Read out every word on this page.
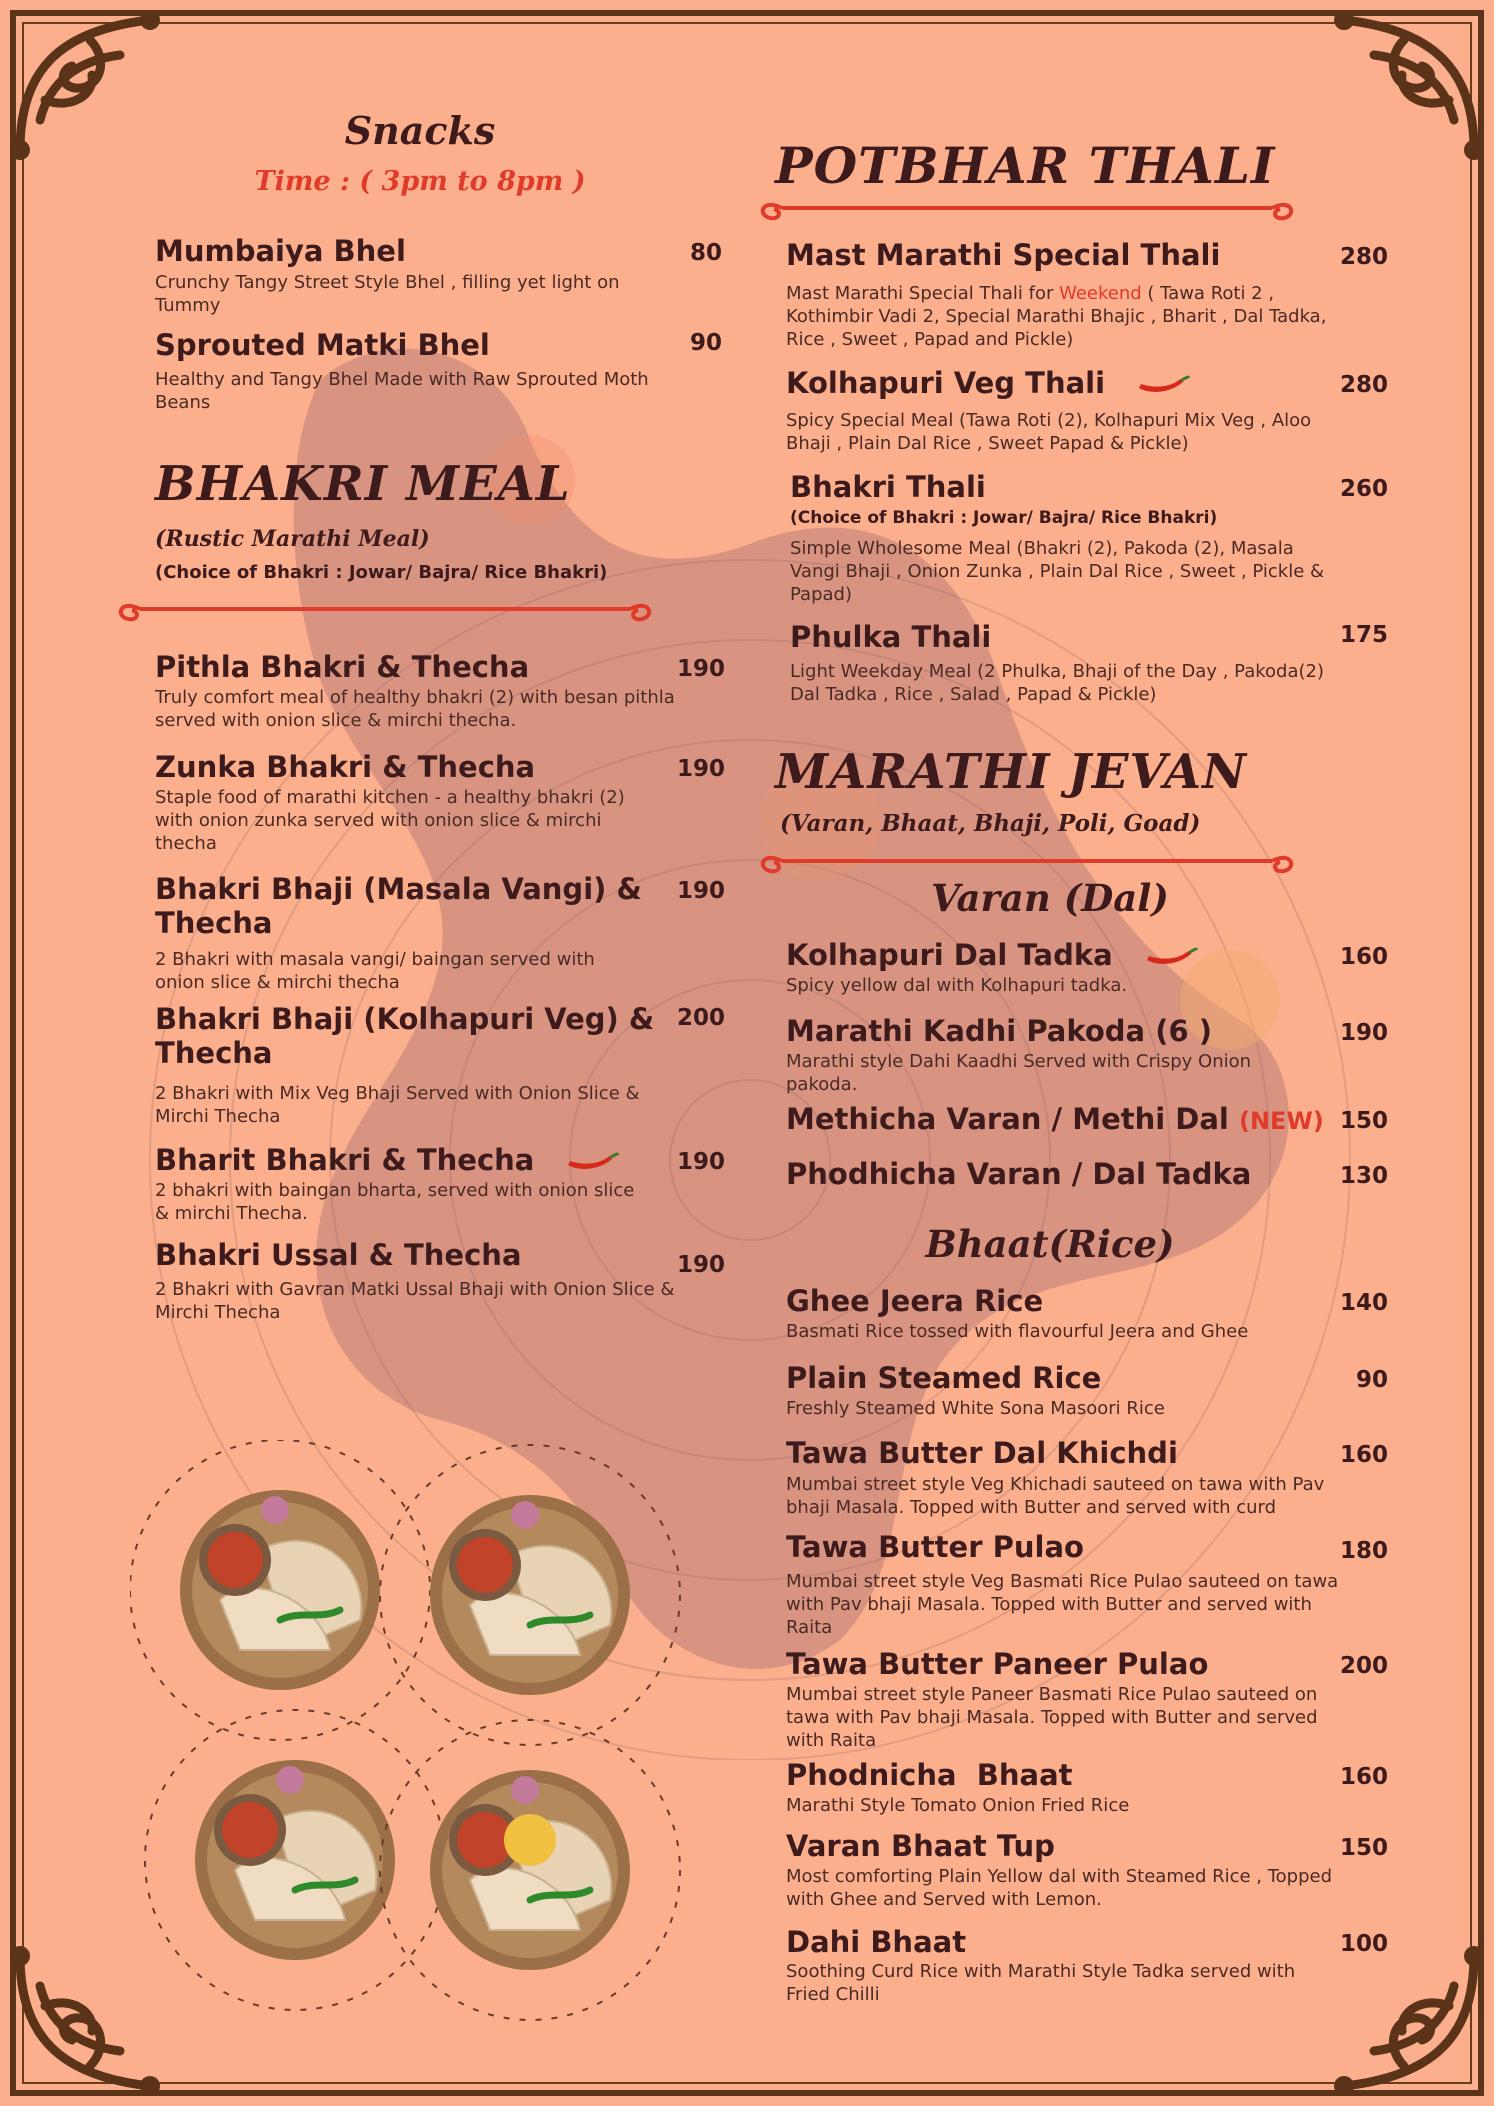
Snacks
Time : ( 3pm to 8pm )
Mumbaiya Bhel	80
Crunchy Tangy Street Style Bhel , filling yet light on Tummy
Sprouted Matki Bhel	90
Healthy and Tangy Bhel Made with Raw Sprouted Moth Beans
BHAKRI MEAL
(Rustic Marathi Meal)
(Choice of Bhakri : Jowar/ Bajra/ Rice Bhakri)
Pithla Bhakri & Thecha	190
Truly comfort meal of healthy bhakri (2) with besan pithla served with onion slice & mirchi thecha.
Zunka Bhakri & Thecha	190
Staple food of marathi kitchen - a healthy bhakri (2) with onion zunka served with onion slice & mirchi thecha
Bhakri Bhaji (Masala Vangi) & Thecha
190
2 Bhakri with masala vangi/ baingan served with onion slice & mirchi thecha
Bhakri Bhaji (Kolhapuri Veg) & Thecha
200
2 Bhakri with Mix Veg Bhaji Served with Onion Slice & Mirchi Thecha
Bharit Bhakri & Thecha	190
2 bhakri with baingan bharta, served with onion slice & mirchi Thecha.
Bhakri Ussal & Thecha	190
2 Bhakri with Gavran Matki Ussal Bhaji with Onion Slice & Mirchi Thecha
POTBHAR THALI
Mast Marathi Special Thali	280
Mast Marathi Special Thali for Weekend ( Tawa Roti 2 , Kothimbir Vadi 2, Special Marathi Bhajic , Bharit , Dal Tadka, Rice , Sweet , Papad and Pickle)
Kolhapuri Veg Thali	280
Spicy Special Meal (Tawa Roti (2), Kolhapuri Mix Veg , Aloo Bhaji , Plain Dal Rice , Sweet Papad & Pickle)
Bhakri Thali	260
(Choice of Bhakri : Jowar/ Bajra/ Rice Bhakri)
Simple Wholesome Meal (Bhakri (2), Pakoda (2), Masala Vangi Bhaji , Onion Zunka , Plain Dal Rice , Sweet , Pickle & Papad)
Phulka Thali	175
Light Weekday Meal (2 Phulka, Bhaji of the Day , Pakoda(2) Dal Tadka , Rice , Salad , Papad & Pickle)
MARATHI JEVAN
(Varan, Bhaat, Bhaji, Poli, Goad)
Varan (Dal)
Kolhapuri Dal Tadka	160
Spicy yellow dal with Kolhapuri tadka.
Marathi Kadhi Pakoda (6 )	190
Marathi style Dahi Kaadhi Served with Crispy Onion pakoda.
Methicha Varan / Methi Dal (NEW) 150
Phodhicha Varan / Dal Tadka	130
Bhaat(Rice)
Ghee Jeera Rice	140
Basmati Rice tossed with flavourful Jeera and Ghee
Plain Steamed Rice	90
Freshly Steamed White Sona Masoori Rice
Tawa Butter Dal Khichdi	160
Mumbai street style Veg Khichadi sauteed on tawa with Pav bhaji Masala. Topped with Butter and served with curd
Tawa Butter Pulao	180
Mumbai street style Veg Basmati Rice Pulao sauteed on tawa with Pav bhaji Masala. Topped with Butter and served with Raita
Tawa Butter Paneer Pulao	200
Mumbai street style Paneer Basmati Rice Pulao sauteed on tawa with Pav bhaji Masala. Topped with Butter and served with Raita
Phodnicha  Bhaat	160
Marathi Style Tomato Onion Fried Rice
Varan Bhaat Tup	150
Most comforting Plain Yellow dal with Steamed Rice , Topped with Ghee and Served with Lemon.
Dahi Bhaat	100
Soothing Curd Rice with Marathi Style Tadka served with Fried Chilli
